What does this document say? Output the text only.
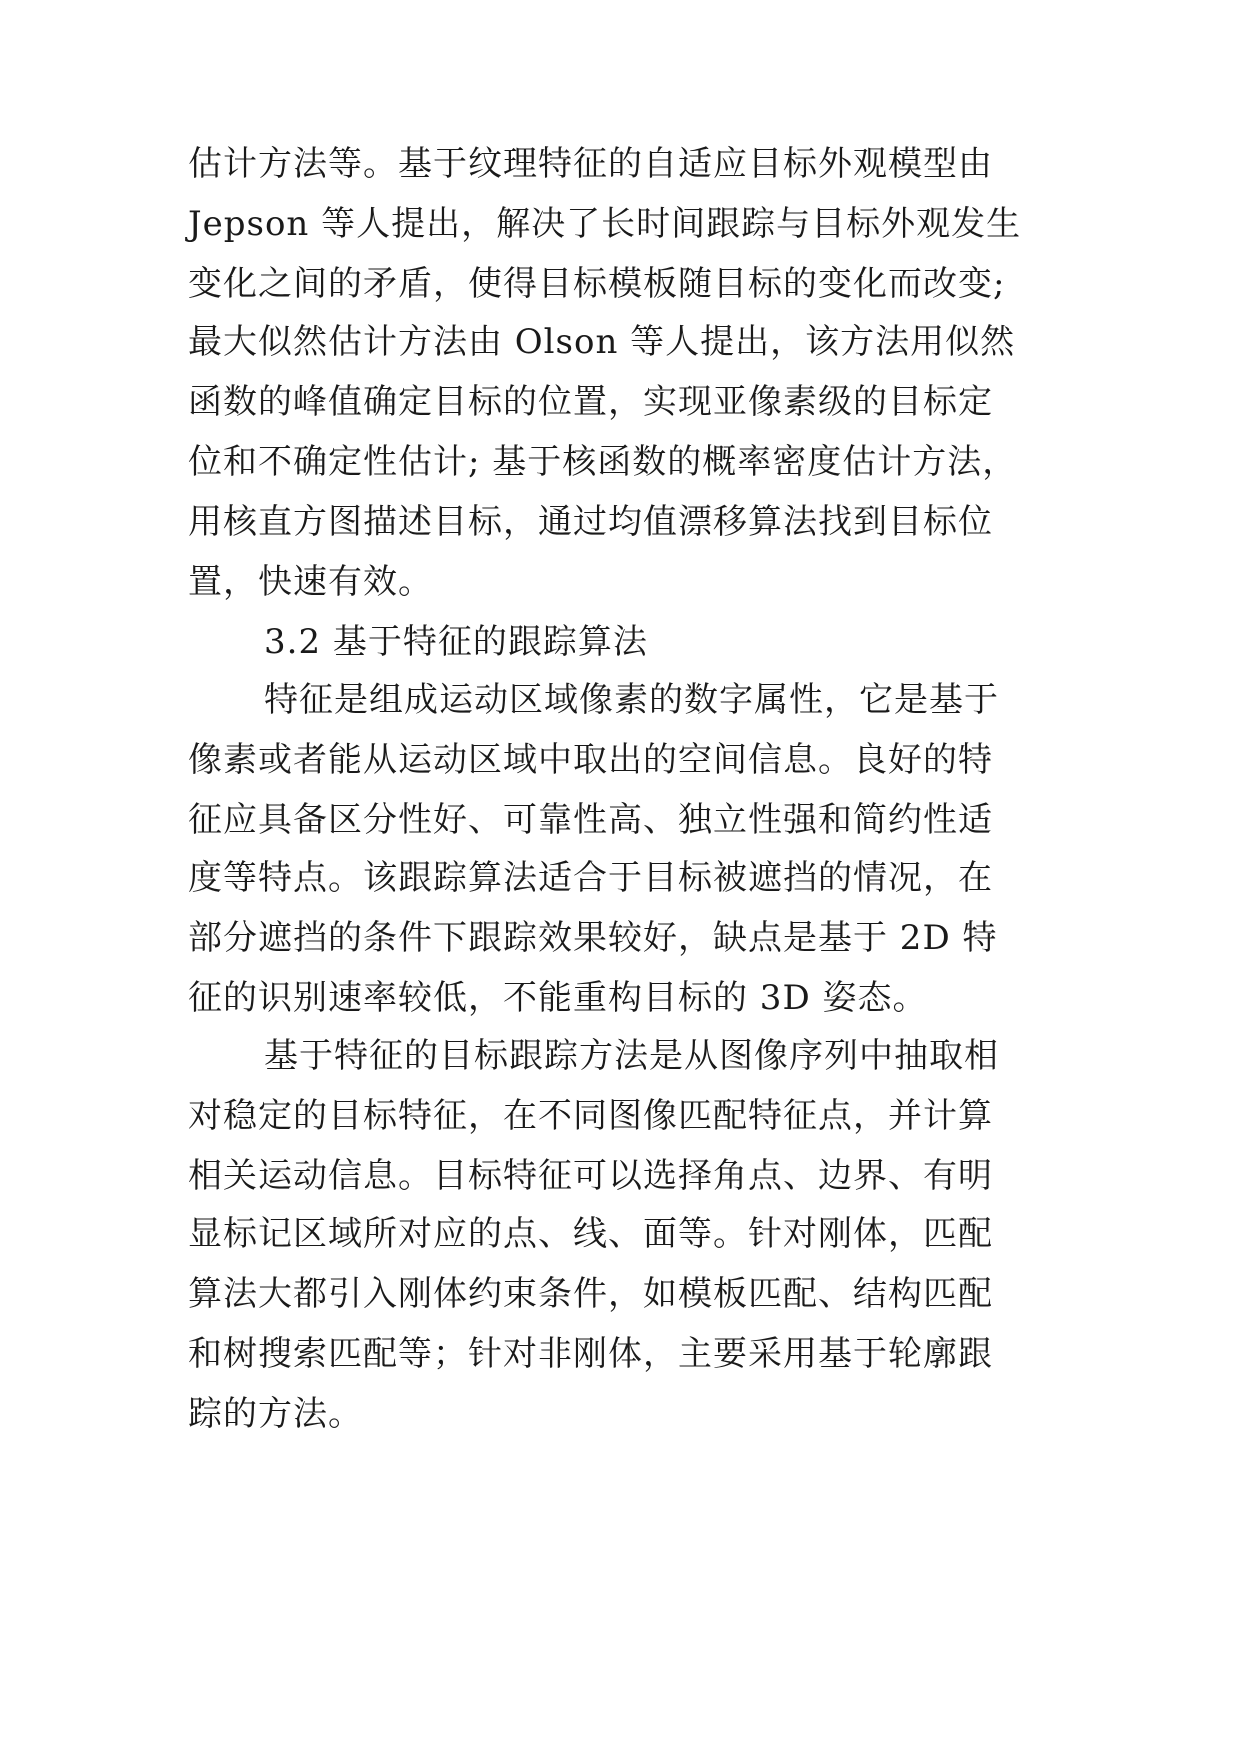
估计方法等。基于纹理特征的自适应目标外观模型由
Jepson 等人提出，解决了长时间跟踪与目标外观发生
变化之间的矛盾，使得目标模板随目标的变化而改变;
最大似然估计方法由 Olson 等人提出，该方法用似然
函数的峰值确定目标的位置，实现亚像素级的目标定
位和不确定性估计; 基于核函数的概率密度估计方法，
用核直方图描述目标，通过均值漂移算法找到目标位
置，快速有效。
3.2 基于特征的跟踪算法
特征是组成运动区域像素的数字属性，它是基于
像素或者能从运动区域中取出的空间信息。良好的特
征应具备区分性好、可靠性高、独立性强和简约性适
度等特点。该跟踪算法适合于目标被遮挡的情况，在
部分遮挡的条件下跟踪效果较好，缺点是基于 2D 特
征的识别速率较低，不能重构目标的 3D 姿态。
基于特征的目标跟踪方法是从图像序列中抽取相
对稳定的目标特征，在不同图像匹配特征点，并计算
相关运动信息。目标特征可以选择角点、边界、有明
显标记区域所对应的点、线、面等。针对刚体，匹配
算法大都引入刚体约束条件，如模板匹配、结构匹配
和树搜索匹配等；针对非刚体，主要采用基于轮廓跟
踪的方法。
